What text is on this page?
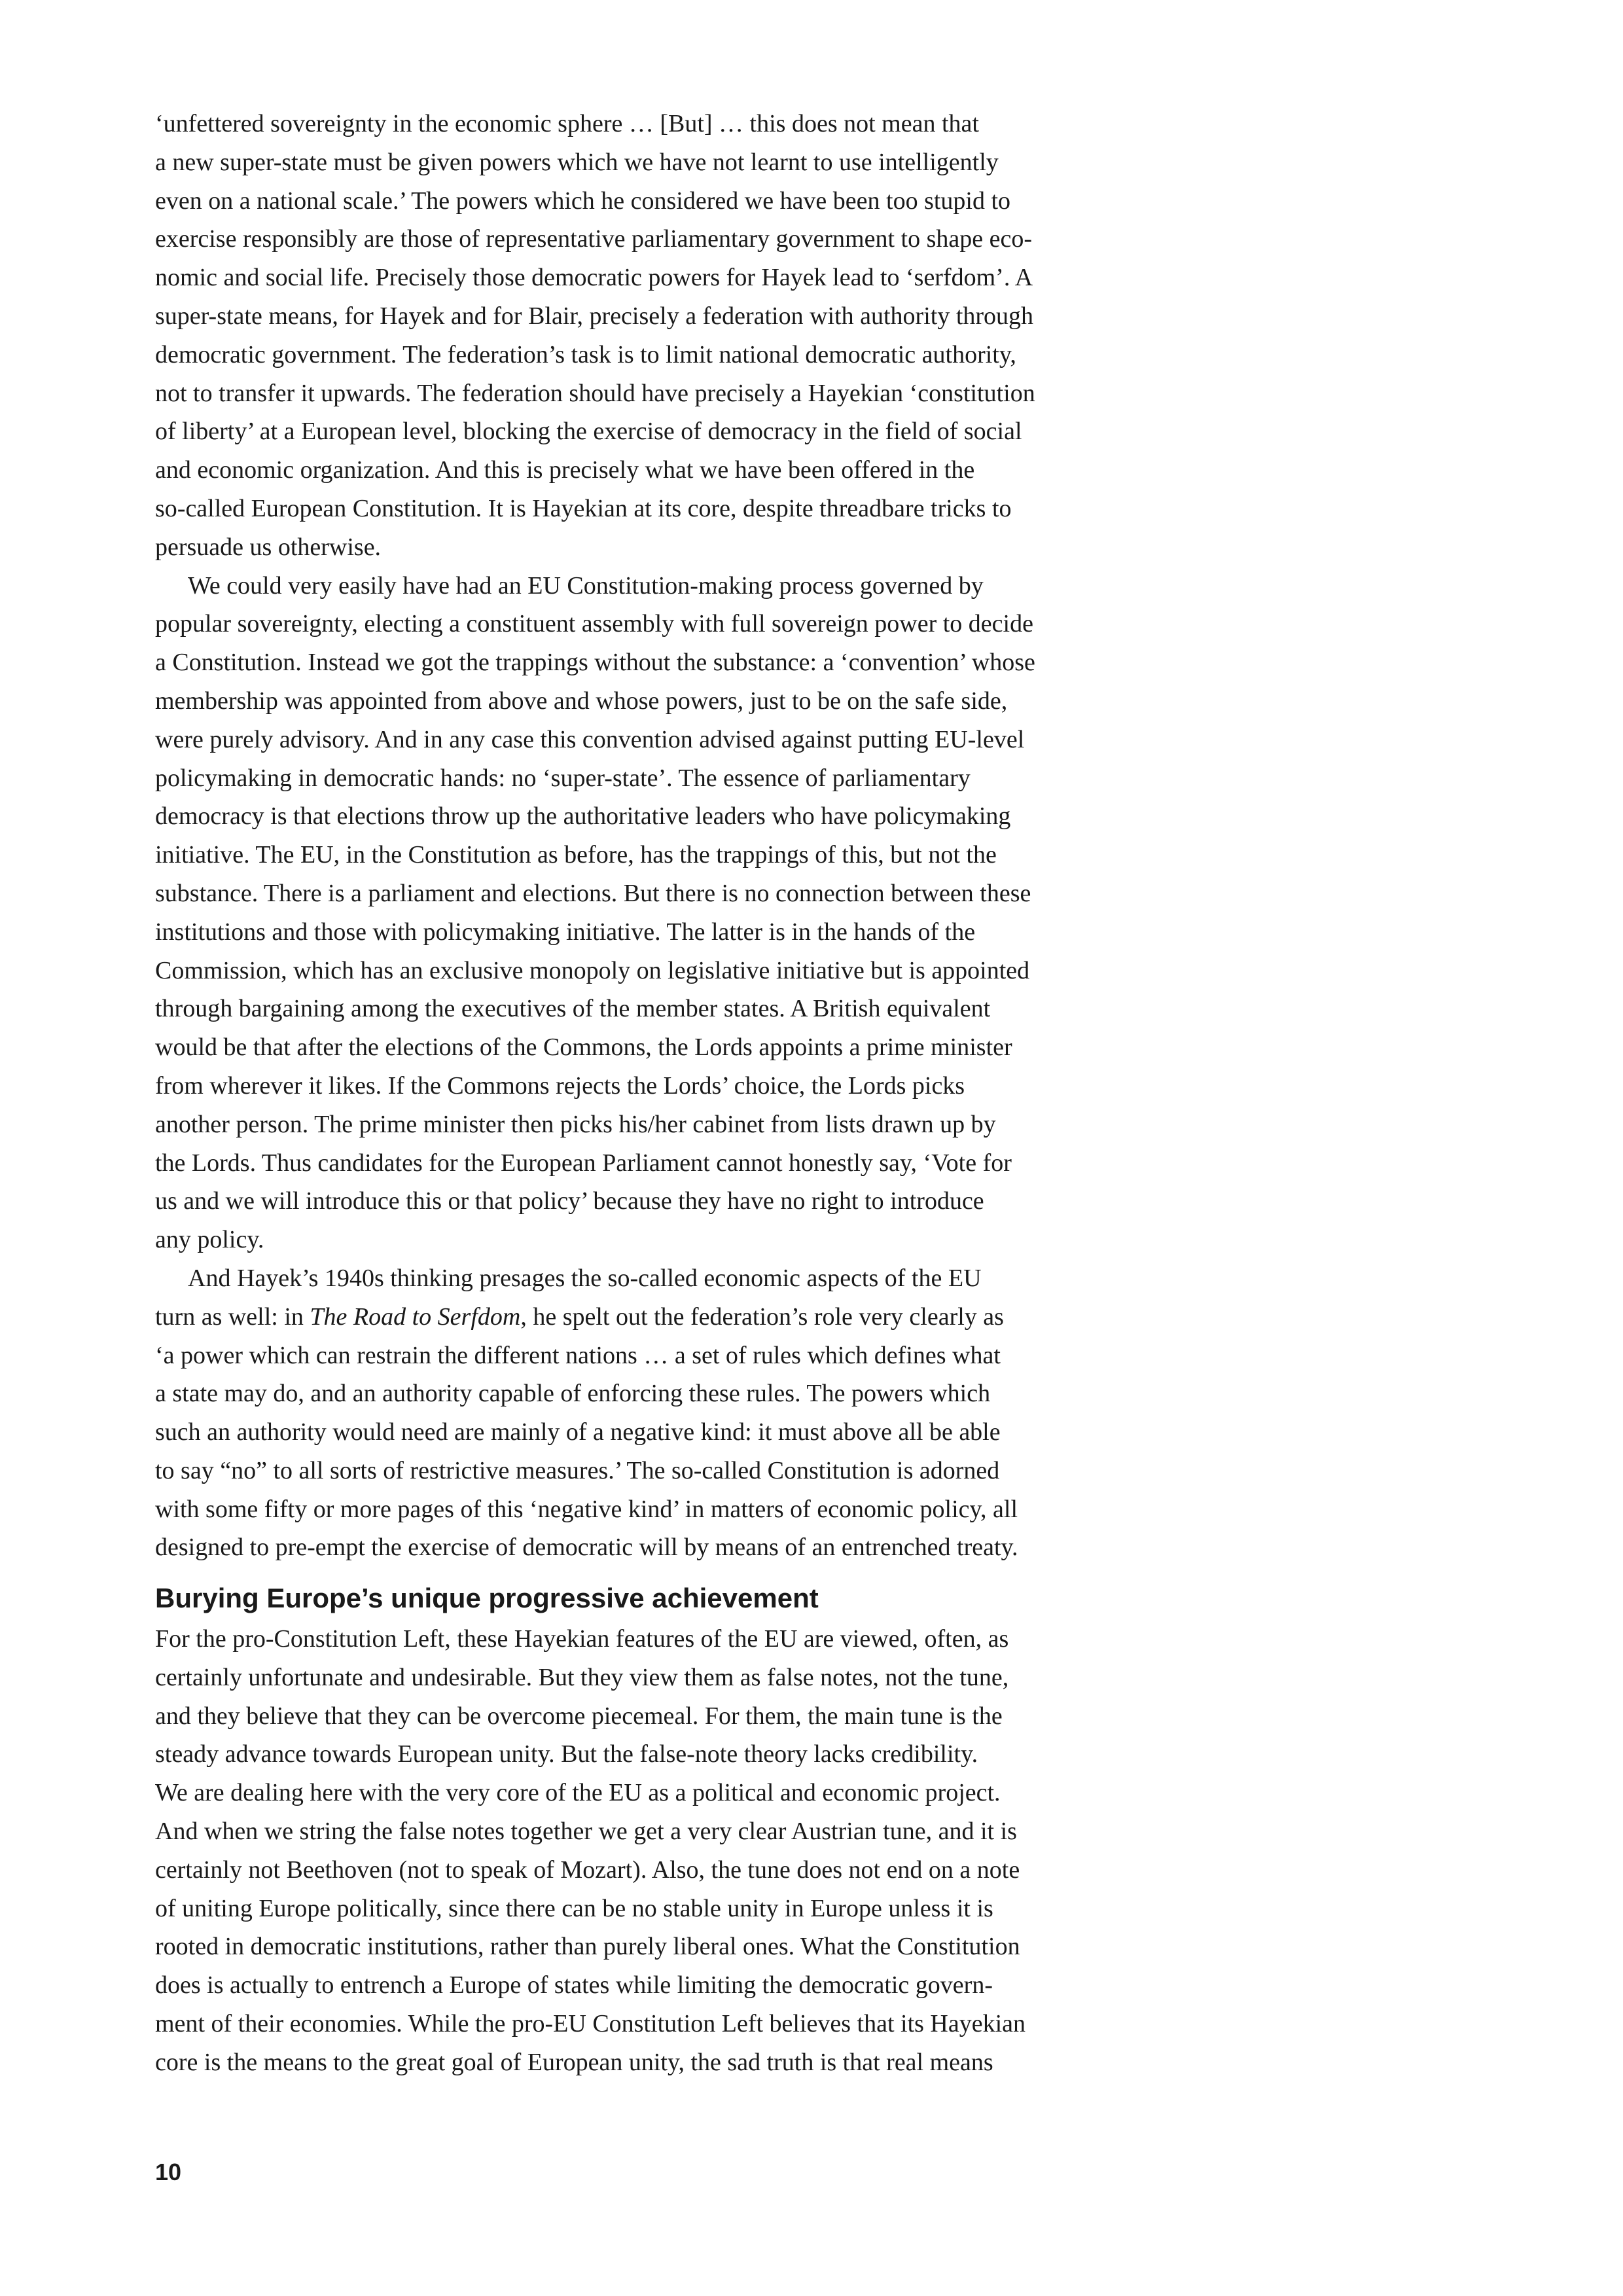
‘unfettered sovereignty in the economic sphere … [But] … this does not mean that
a new super-state must be given powers which we have not learnt to use intelligently
even on a national scale.’ The powers which he considered we have been too stupid to
exercise responsibly are those of representative parliamentary government to shape eco-
nomic and social life. Precisely those democratic powers for Hayek lead to ‘serfdom’. A
super-state means, for Hayek and for Blair, precisely a federation with authority through
democratic government. The federation’s task is to limit national democratic authority,
not to transfer it upwards. The federation should have precisely a Hayekian ‘constitution
of liberty’ at a European level, blocking the exercise of democracy in the field of social
and economic organization. And this is precisely what we have been offered in the
so-called European Constitution. It is Hayekian at its core, despite threadbare tricks to
persuade us otherwise.
We could very easily have had an EU Constitution-making process governed by
popular sovereignty, electing a constituent assembly with full sovereign power to decide
a Constitution. Instead we got the trappings without the substance: a ‘convention’ whose
membership was appointed from above and whose powers, just to be on the safe side,
were purely advisory. And in any case this convention advised against putting EU-level
policymaking in democratic hands: no ‘super-state’. The essence of parliamentary
democracy is that elections throw up the authoritative leaders who have policymaking
initiative. The EU, in the Constitution as before, has the trappings of this, but not the
substance. There is a parliament and elections. But there is no connection between these
institutions and those with policymaking initiative. The latter is in the hands of the
Commission, which has an exclusive monopoly on legislative initiative but is appointed
through bargaining among the executives of the member states. A British equivalent
would be that after the elections of the Commons, the Lords appoints a prime minister
from wherever it likes. If the Commons rejects the Lords’ choice, the Lords picks
another person. The prime minister then picks his/her cabinet from lists drawn up by
the Lords. Thus candidates for the European Parliament cannot honestly say, ‘Vote for
us and we will introduce this or that policy’ because they have no right to introduce
any policy.
And Hayek’s 1940s thinking presages the so-called economic aspects of the EU
turn as well: in The Road to Serfdom, he spelt out the federation’s role very clearly as
‘a power which can restrain the different nations … a set of rules which defines what
a state may do, and an authority capable of enforcing these rules. The powers which
such an authority would need are mainly of a negative kind: it must above all be able
to say “no” to all sorts of restrictive measures.’ The so-called Constitution is adorned
with some fifty or more pages of this ‘negative kind’ in matters of economic policy, all
designed to pre-empt the exercise of democratic will by means of an entrenched treaty.
Burying Europe’s unique progressive achievement
For the pro-Constitution Left, these Hayekian features of the EU are viewed, often, as
certainly unfortunate and undesirable. But they view them as false notes, not the tune,
and they believe that they can be overcome piecemeal. For them, the main tune is the
steady advance towards European unity. But the false-note theory lacks credibility.
We are dealing here with the very core of the EU as a political and economic project.
And when we string the false notes together we get a very clear Austrian tune, and it is
certainly not Beethoven (not to speak of Mozart). Also, the tune does not end on a note
of uniting Europe politically, since there can be no stable unity in Europe unless it is
rooted in democratic institutions, rather than purely liberal ones. What the Constitution
does is actually to entrench a Europe of states while limiting the democratic govern-
ment of their economies. While the pro-EU Constitution Left believes that its Hayekian
core is the means to the great goal of European unity, the sad truth is that real means
10
